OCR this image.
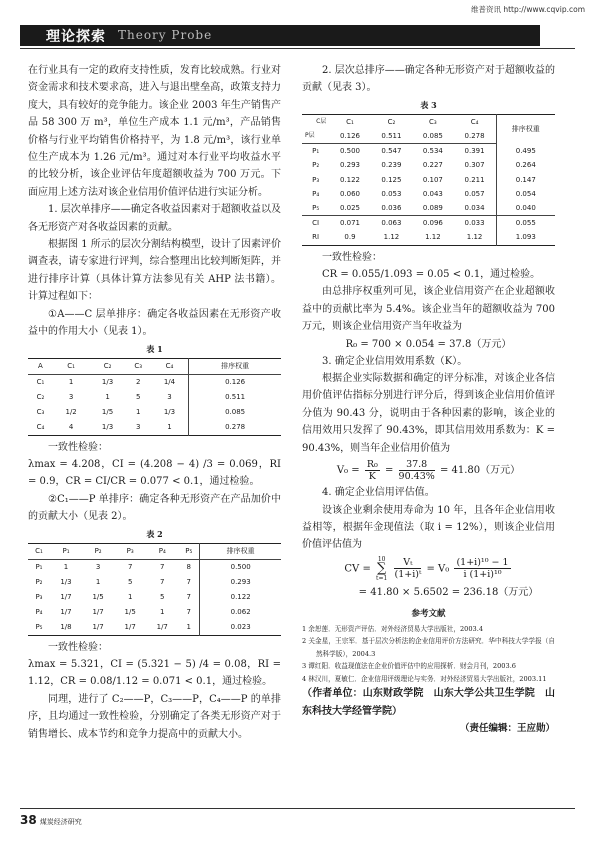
维普资讯 http://www.cqvip.com
理论探索 Theory Probe

在行业具有一定的政府支持性质，发育比较成熟。行业对资金需求和技术要求高，进入与退出壁垒高，政策支持力度大，具有较好的竞争能力。该企业 2003 年生产销售产品 58 300 万 m³，单位生产成本 1.1 元/m³，产品销售价格与行业平均销售价格持平，为 1.8 元/m³，该行业单位生产成本为 1.26 元/m³。通过对本行业平均收益水平的比较分析，该企业评估年度超额收益为 700 万元。下面应用上述方法对该企业信用价值评估进行实证分析。

1. 层次单排序——确定各收益因素对于超额收益以及各无形资产对各收益因素的贡献。

根据图 1 所示的层次分割结构模型，设计了因素评价调查表，请专家进行评判，综合整理出比较判断矩阵，并进行排序计算（具体计算方法参见有关 AHP 法书籍）。计算过程如下：

①A——C 层单排序：确定各收益因素在无形资产收益中的作用大小（见表 1）。

表 1
A	C₁	C₂	C₃	C₄	排序权重
C₁	1	1/3	2	1/4	0.126
C₂	3	1	5	3	0.511
C₃	1/2	1/5	1	1/3	0.085
C₄	4	1/3	3	1	0.278

一致性检验：

λmax = 4.208，CI = (4.208 − 4) /3 = 0.069，RI = 0.9，CR = CI/CR = 0.077 < 0.1，通过检验。

②C₁——P 单排序：确定各种无形资产在产品加价中的贡献大小（见表 2）。

表 2
C₁	P₁	P₂	P₃	P₄	P₅	排序权重
P₁	1	3	7	7	8	0.500
P₂	1/3	1	5	7	7	0.293
P₃	1/7	1/5	1	5	7	0.122
P₄	1/7	1/7	1/5	1	7	0.062
P₅	1/8	1/7	1/7	1/7	1	0.023

一致性检验：

λmax = 5.321，CI = (5.321 − 5) /4 = 0.08，RI = 1.12，CR = 0.08/1.12 = 0.071 < 0.1，通过检验。

同理，进行了 C₂——P，C₃——P，C₄——P 的单排序，且均通过一致性检验，分别确定了各类无形资产对于销售增长、成本节约和竞争力提高中的贡献大小。

2. 层次总排序——确定各种无形资产对于超额收益的贡献（见表 3）。

表 3
C层	C₁	C₂	C₃	C₄	排序权重
P层	0.126	0.511	0.085	0.278	
P₁	0.500	0.547	0.534	0.391	0.495
P₂	0.293	0.239	0.227	0.307	0.264
P₃	0.122	0.125	0.107	0.211	0.147
P₄	0.060	0.053	0.043	0.057	0.054
P₅	0.025	0.036	0.089	0.034	0.040
CI	0.071	0.063	0.096	0.033	0.055
RI	0.9	1.12	1.12	1.12	1.093

一致性检验：

CR = 0.055/1.093 = 0.05 < 0.1，通过检验。

由总排序权重列可见，该企业信用资产在企业超额收益中的贡献比率为 5.4%。该企业当年的超额收益为 700 万元，则该企业信用资产当年收益为

R₀ = 700 × 0.054 = 37.8（万元）

3. 确定企业信用效用系数（K）。

根据企业实际数据和确定的评分标准，对该企业各信用价值评估指标分别进行评分后，得到该企业信用价值评分值为 90.43 分，说明由于各种因素的影响，该企业的信用效用只发挥了 90.43%，即其信用效用系数为：K = 90.43%，则当年企业信用价值为

$V_0 = \frac{\text{R₀}}{K} = \frac{37.8}{90.43\%} = 41.80$（万元）

4. 确定企业信用评估值。

设该企业剩余使用寿命为 10 年，且各年企业信用收益相等，根据年金现值法（取 i = 12%），则该企业信用价值评估值为

CV =
10
∑
t=1
$\frac{\text{Vₜ}}{\text{(1+i)ᵗ}} = V_0 \frac{\text{(1+i)¹⁰ − 1}}{\text{i (1+i)¹⁰}}$
= 41.80 × 5.6502 = 236.18（万元）
参考文献

1 余恕莲．无形资产评估．对外经济贸易大学出版社，2003.4

2 关金星，王宗军．基于层次分析法的企业信用评价方法研究．华中科技大学学报（自然科学版），2004.3

3 谭红阳．收益现值法在企业价值评估中的应用探析．财会月刊，2003.6

4 林汉川，夏敏仁．企业信用评级理论与实务．对外经济贸易大学出版社，2003.11

（作者单位：山东财政学院　山东大学公共卫生学院　山东科技大学经管学院）

（责任编辑：王应勋）
38 煤炭经济研究
